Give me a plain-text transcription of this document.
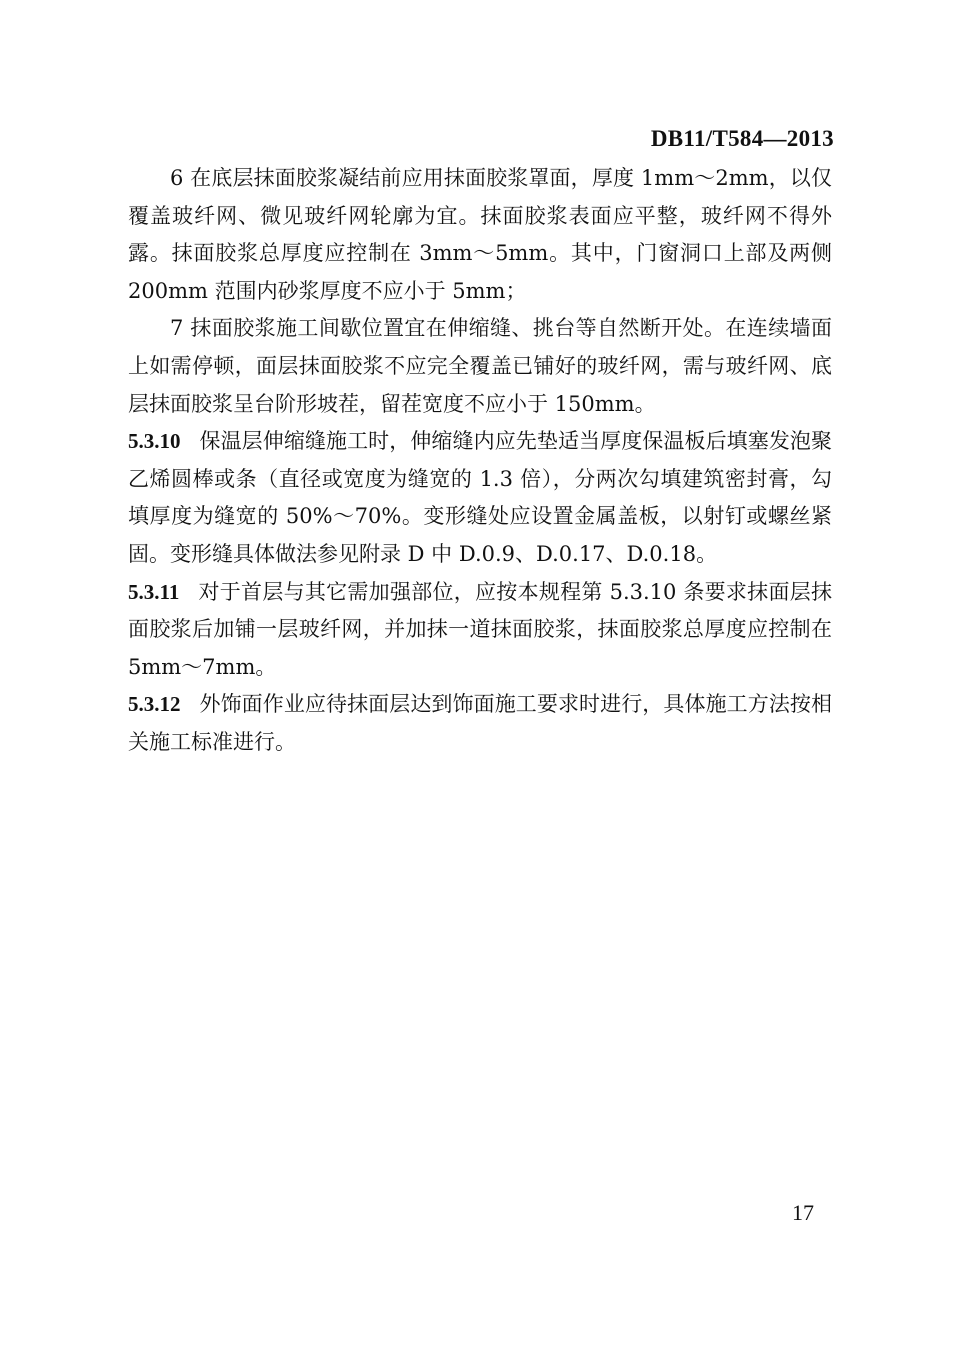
DB11/T584—2013

6 在底层抹面胶浆凝结前应用抹面胶浆罩面，厚度 1mm～2mm，以仅覆盖玻纤网、微见玻纤网轮廓为宜。抹面胶浆表面应平整，玻纤网不得外露。抹面胶浆总厚度应控制在 3mm～5mm。其中，门窗洞口上部及两侧 200mm 范围内砂浆厚度不应小于 5mm；

7 抹面胶浆施工间歇位置宜在伸缩缝、挑台等自然断开处。在连续墙面上如需停顿，面层抹面胶浆不应完全覆盖已铺好的玻纤网，需与玻纤网、底层抹面胶浆呈台阶形坡茬，留茬宽度不应小于 150mm。

5.3.10 保温层伸缩缝施工时，伸缩缝内应先垫适当厚度保温板后填塞发泡聚乙烯圆棒或条（直径或宽度为缝宽的 1.3 倍），分两次勾填建筑密封膏，勾填厚度为缝宽的 50%～70%。变形缝处应设置金属盖板，以射钉或螺丝紧固。变形缝具体做法参见附录 D 中 D.0.9、D.0.17、D.0.18。

5.3.11 对于首层与其它需加强部位，应按本规程第 5.3.10 条要求抹面层抹面胶浆后加铺一层玻纤网，并加抹一道抹面胶浆，抹面胶浆总厚度应控制在 5mm～7mm。

5.3.12 外饰面作业应待抹面层达到饰面施工要求时进行，具体施工方法按相关施工标准进行。

17
